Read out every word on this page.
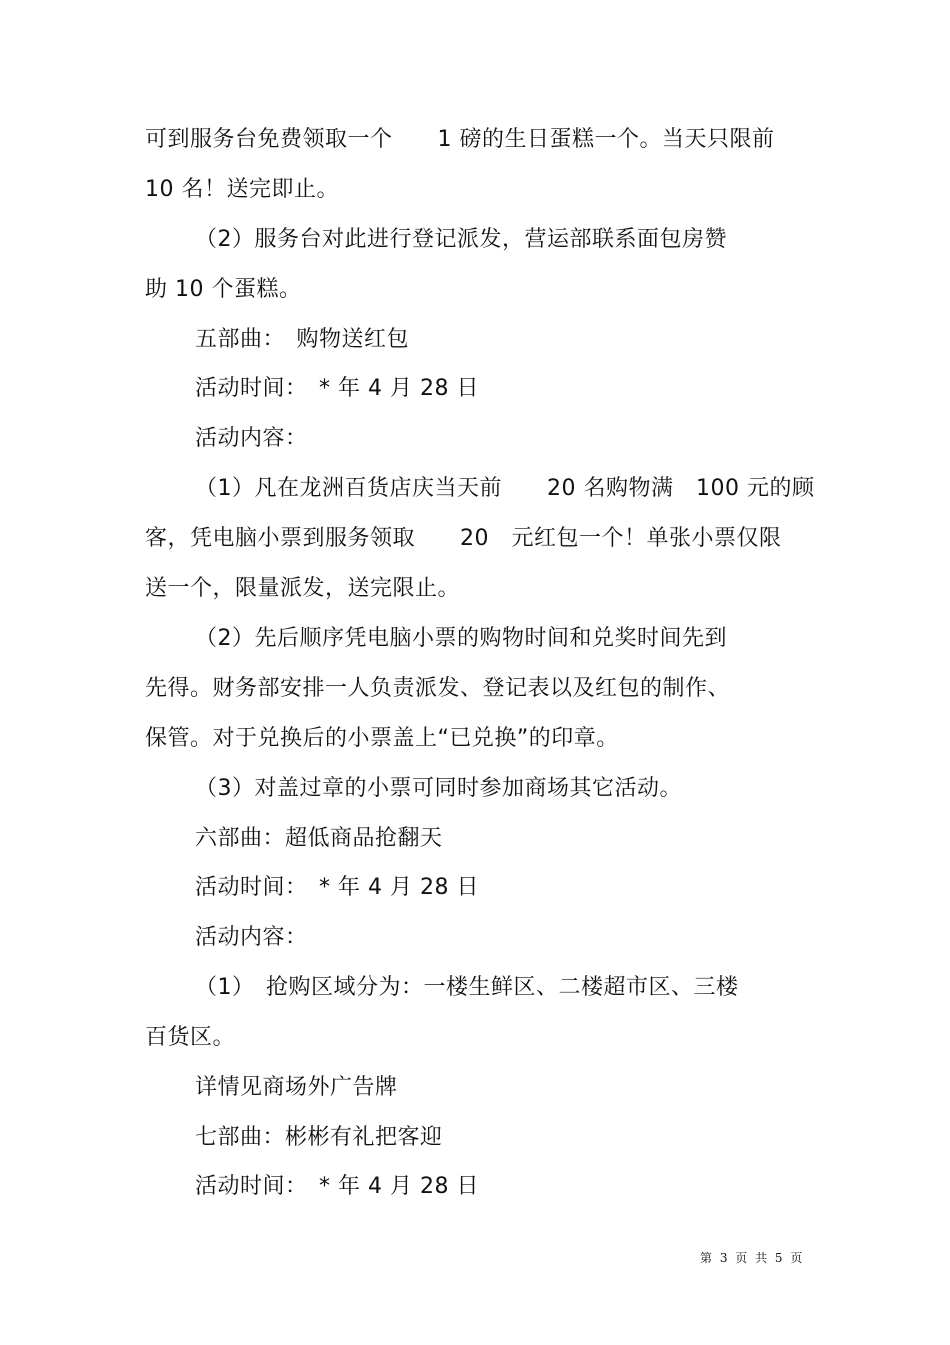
可到服务台免费领取一个　　1 磅的生日蛋糕一个。当天只限前
10 名！送完即止。
（2）服务台对此进行登记派发，营运部联系面包房赞
助 10 个蛋糕。
五部曲：　购物送红包
活动时间：　* 年 4 月 28 日
活动内容：
（1）凡在龙洲百货店庆当天前　　20 名购物满　100 元的顾
客，凭电脑小票到服务领取　　20　元红包一个！单张小票仅限
送一个，限量派发，送完限止。
（2）先后顺序凭电脑小票的购物时间和兑奖时间先到
先得。财务部安排一人负责派发、登记表以及红包的制作、
保管。对于兑换后的小票盖上“已兑换”的印章。
（3）对盖过章的小票可同时参加商场其它活动。
六部曲：超低商品抢翻天
活动时间：　* 年 4 月 28 日
活动内容：
（1）　抢购区域分为：一楼生鲜区、二楼超市区、三楼
百货区。
详情见商场外广告牌
七部曲：彬彬有礼把客迎
活动时间：　* 年 4 月 28 日
第 3 页 共 5 页
